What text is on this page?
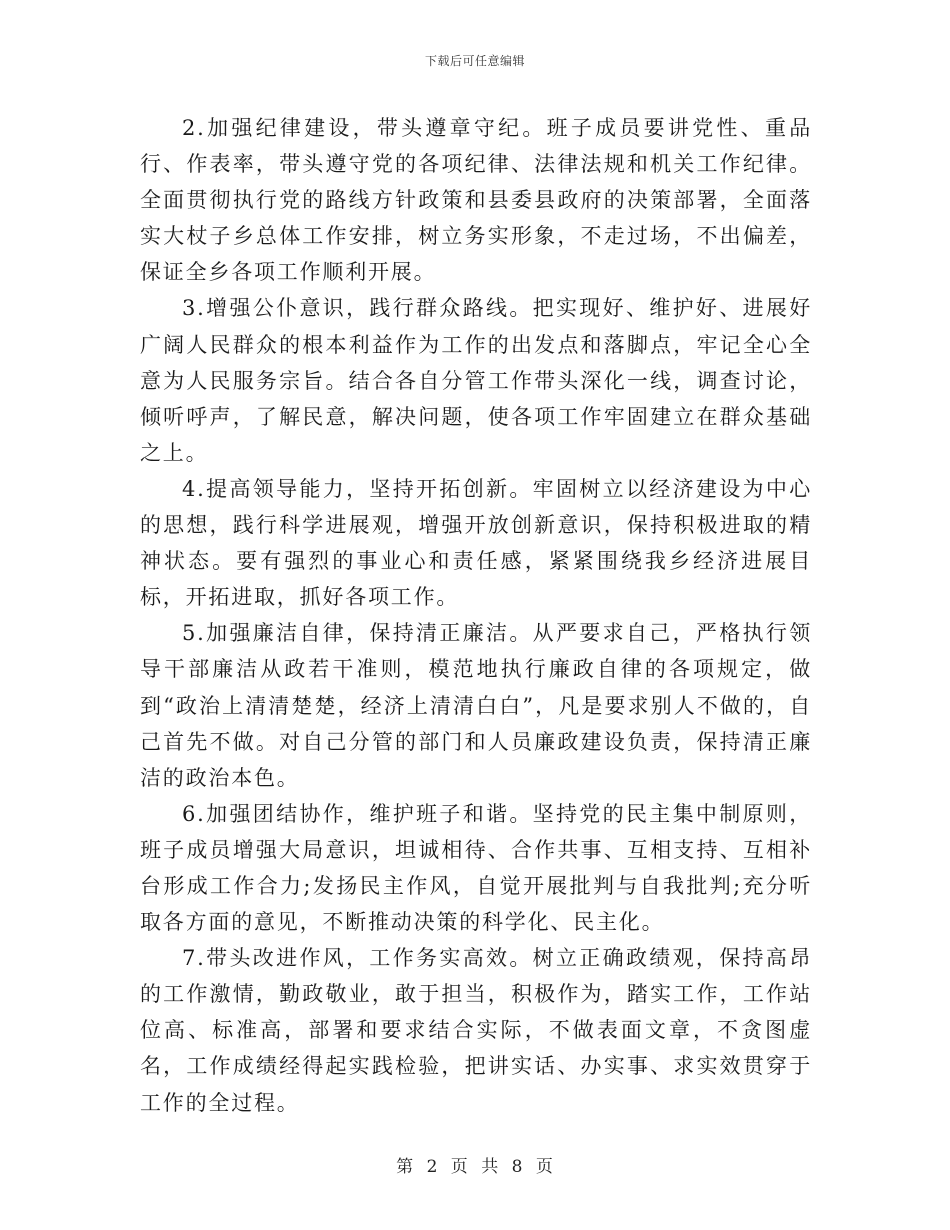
下载后可任意编辑

2.加强纪律建设，带头遵章守纪。班子成员要讲党性、重品行、作表率，带头遵守党的各项纪律、法律法规和机关工作纪律。全面贯彻执行党的路线方针政策和县委县政府的决策部署，全面落实大杖子乡总体工作安排，树立务实形象，不走过场，不出偏差，保证全乡各项工作顺利开展。

3.增强公仆意识，践行群众路线。把实现好、维护好、进展好广阔人民群众的根本利益作为工作的出发点和落脚点，牢记全心全意为人民服务宗旨。结合各自分管工作带头深化一线，调查讨论，倾听呼声，了解民意，解决问题，使各项工作牢固建立在群众基础之上。

4.提高领导能力，坚持开拓创新。牢固树立以经济建设为中心的思想，践行科学进展观，增强开放创新意识，保持积极进取的精神状态。要有强烈的事业心和责任感，紧紧围绕我乡经济进展目标，开拓进取，抓好各项工作。

5.加强廉洁自律，保持清正廉洁。从严要求自己，严格执行领导干部廉洁从政若干准则，模范地执行廉政自律的各项规定，做到“政治上清清楚楚，经济上清清白白”，凡是要求别人不做的，自己首先不做。对自己分管的部门和人员廉政建设负责，保持清正廉洁的政治本色。

6.加强团结协作，维护班子和谐。坚持党的民主集中制原则，班子成员增强大局意识，坦诚相待、合作共事、互相支持、互相补台形成工作合力;发扬民主作风，自觉开展批判与自我批判;充分听取各方面的意见，不断推动决策的科学化、民主化。

7.带头改进作风，工作务实高效。树立正确政绩观，保持高昂的工作激情，勤政敬业，敢于担当，积极作为，踏实工作，工作站位高、标准高，部署和要求结合实际，不做表面文章，不贪图虚名，工作成绩经得起实践检验，把讲实话、办实事、求实效贯穿于工作的全过程。

第 2 页 共 8 页
